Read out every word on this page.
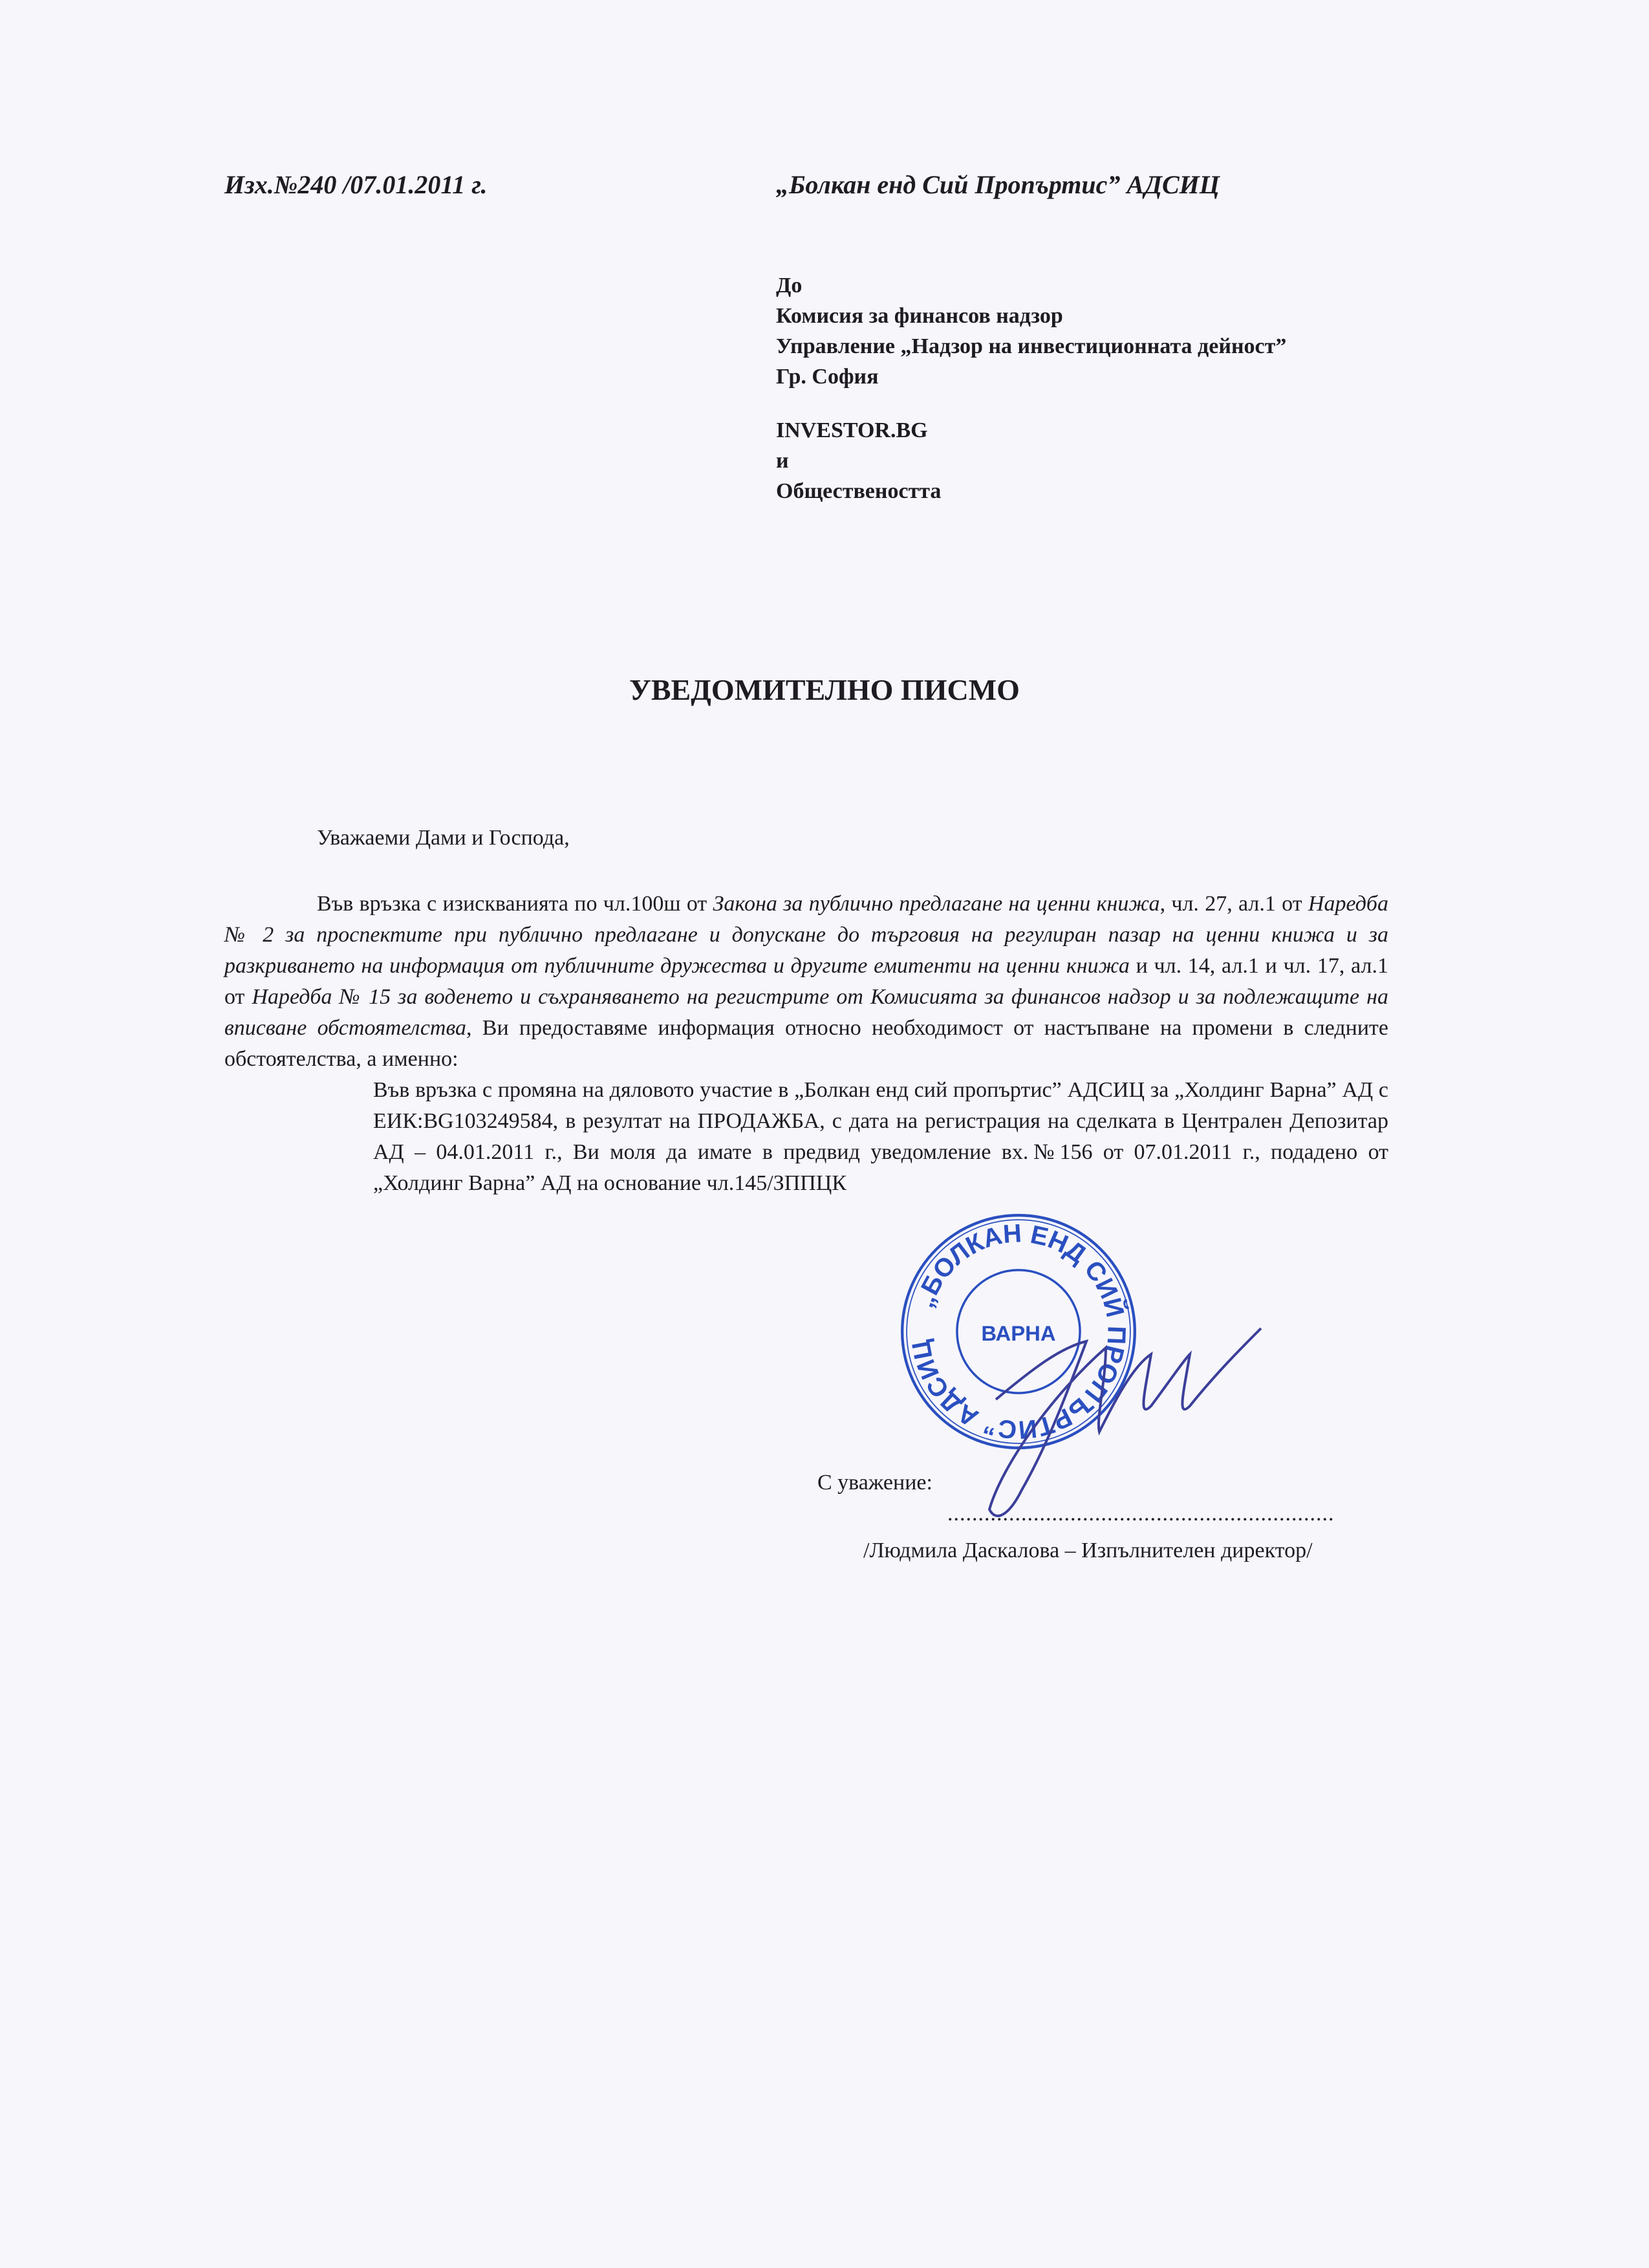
Изх.№240 /07.01.2011 г.	„Болкан енд Сий Пропъртис” АДСИЦ
До
Комисия за финансов надзор
Управление „Надзор на инвестиционната дейност”
Гр. София
INVESTOR.BG
и
Обществеността
УВЕДОМИТЕЛНО ПИСМО
Уважаеми Дами и Господа,
Във връзка с изискванията по чл.100ш от Закона за публично предлагане на ценни книжа, чл. 27, ал.1 от Наредба № 2 за проспектите при публично предлагане и допускане до търговия на регулиран пазар на ценни книжа и за разкриването на информация от публичните дружества и другите емитенти на ценни книжа и чл. 14, ал.1 и чл. 17, ал.1 от Наредба № 15 за воденето и съхраняването на регистрите от Комисията за финансов надзор и за подлежащите на вписване обстоятелства, Ви предоставяме информация относно необходимост от настъпване на промени в следните обстоятелства, а именно:
Във връзка с промяна на дяловото участие в „Болкан енд сий пропъртис” АДСИЦ за „Холдинг Варна” АД с ЕИК:BG103249584, в резултат на ПРОДАЖБА, с дата на регистрация на сделката в Централен Депозитар АД – 04.01.2011 г., Ви моля да имате в предвид уведомление вх.№156 от 07.01.2011 г., подадено от „Холдинг Варна” АД на основание чл.145/ЗППЦК
„БОЛКАН ЕНД СИЙ ПРОПЪРТИС” АДСИЦ
ВАРНА
С уважение:
...............................................................
/Людмила Даскалова – Изпълнителен директор/
